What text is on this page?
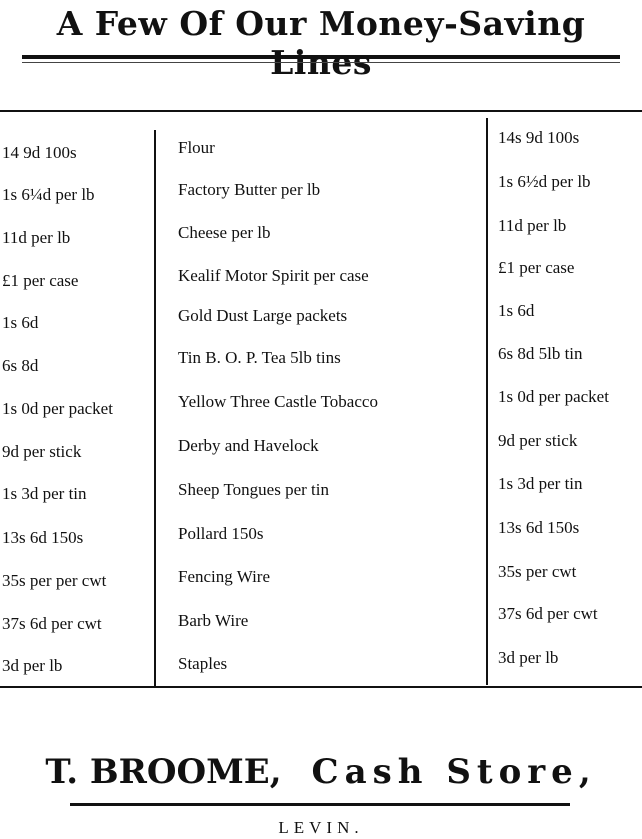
A Few Of Our Money-Saving
14 9d 100s
1s 6¼d per lb
11d per lb
£1 per case
1s 6d
6s 8d
1s 0d per packet
9d per stick
1s 3d per tin
13s 6d 150s
35s per per cwt
37s 6d per cwt
3d per lb
Flour
Factory Butter per lb
Cheese per lb
Kealif Motor Spirit per case
Gold Dust Large packets
Tin B. O. P. Tea 5lb tins
Yellow Three Castle Tobacco
Derby and Havelock
Sheep Tongues per tin
Pollard 150s
Fencing Wire
Barb Wire
Staples
14s 9d 100s
1s 6½d per lb
11d per lb
£1 per case
1s 6d
6s 8d 5lb tin
1s 0d per packet
9d per stick
1s 3d per tin
13s 6d 150s
35s per cwt
37s 6d per cwt
3d per lb
T. BROOME, Cash Store,
LEVIN.
